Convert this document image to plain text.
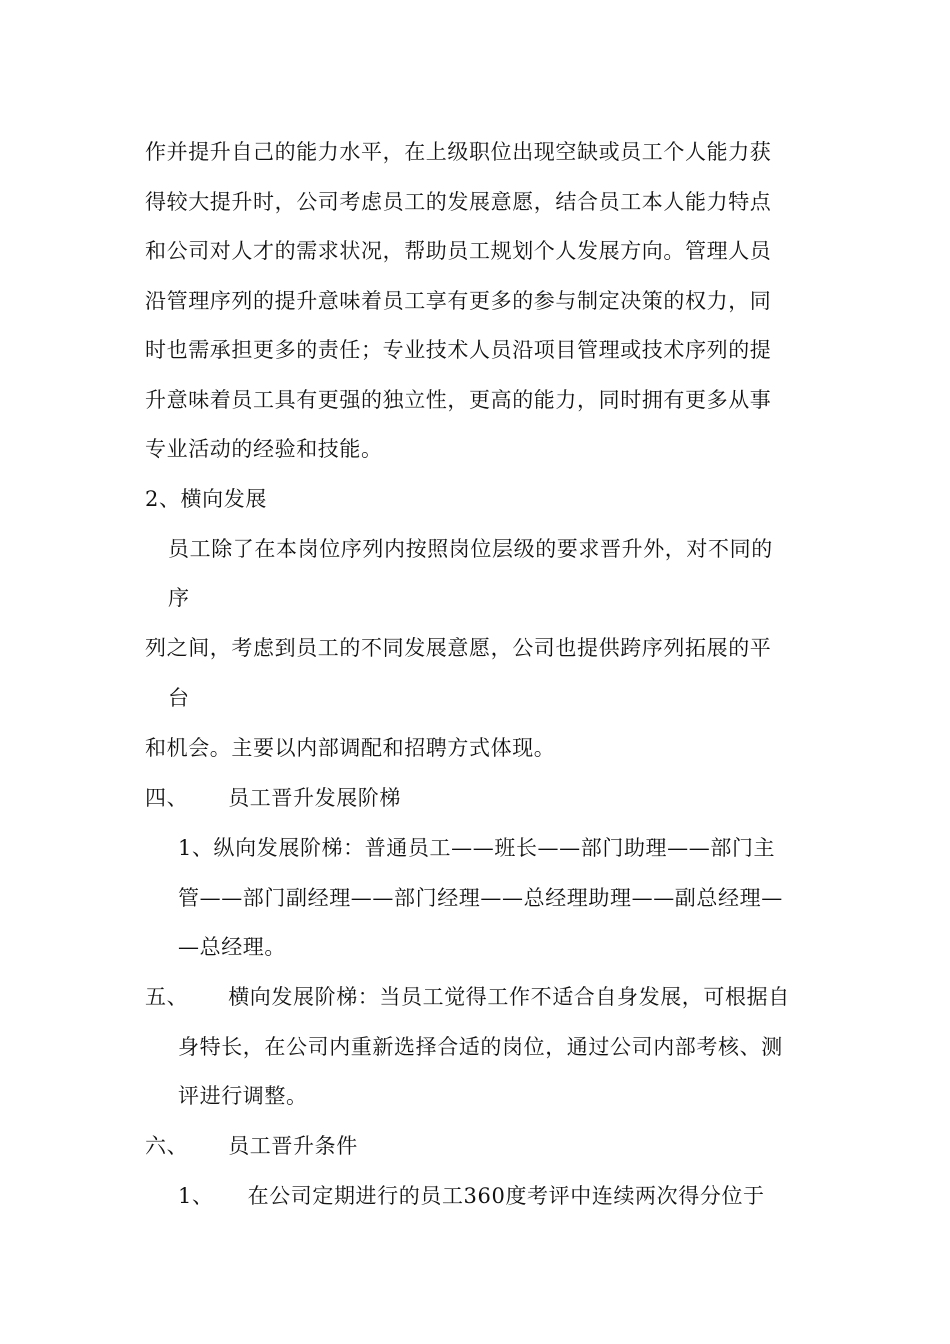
作并提升自己的能力水平，在上级职位出现空缺或员工个人能力获
得较大提升时，公司考虑员工的发展意愿，结合员工本人能力特点
和公司对人才的需求状况，帮助员工规划个人发展方向。管理人员
沿管理序列的提升意味着员工享有更多的参与制定决策的权力，同
时也需承担更多的责任；专业技术人员沿项目管理或技术序列的提
升意味着员工具有更强的独立性，更高的能力，同时拥有更多从事
专业活动的经验和技能。
2、横向发展
员工除了在本岗位序列内按照岗位层级的要求晋升外，对不同的
序
列之间，考虑到员工的不同发展意愿，公司也提供跨序列拓展的平
台
和机会。主要以内部调配和招聘方式体现。
四、 员工晋升发展阶梯
1、纵向发展阶梯：普通员工——班长——部门助理——部门主
管——部门副经理——部门经理——总经理助理——副总经理—
—总经理。
五、 横向发展阶梯：当员工觉得工作不适合自身发展，可根据自
身特长，在公司内重新选择合适的岗位，通过公司内部考核、测
评进行调整。
六、 员工晋升条件
1、 在公司定期进行的员工360度考评中连续两次得分位于
